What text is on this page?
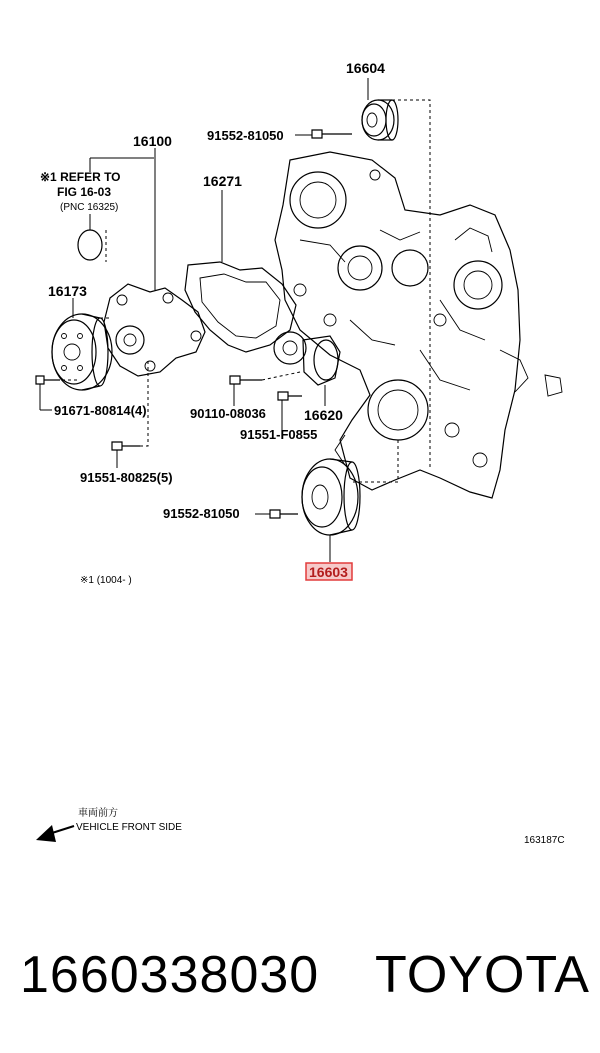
16604
91552-81050
16100
16271
16173
※1 REFER TO
FIG 16-03
(PNC 16325)
91671-80814(4)	90110-08036	16620
91551-F0855
91551-80825(5)
91552-81050
16603
※1 (1004- )
車両前方
VEHICLE FRONT SIDE
163187C
1660338030 TOYOTA
